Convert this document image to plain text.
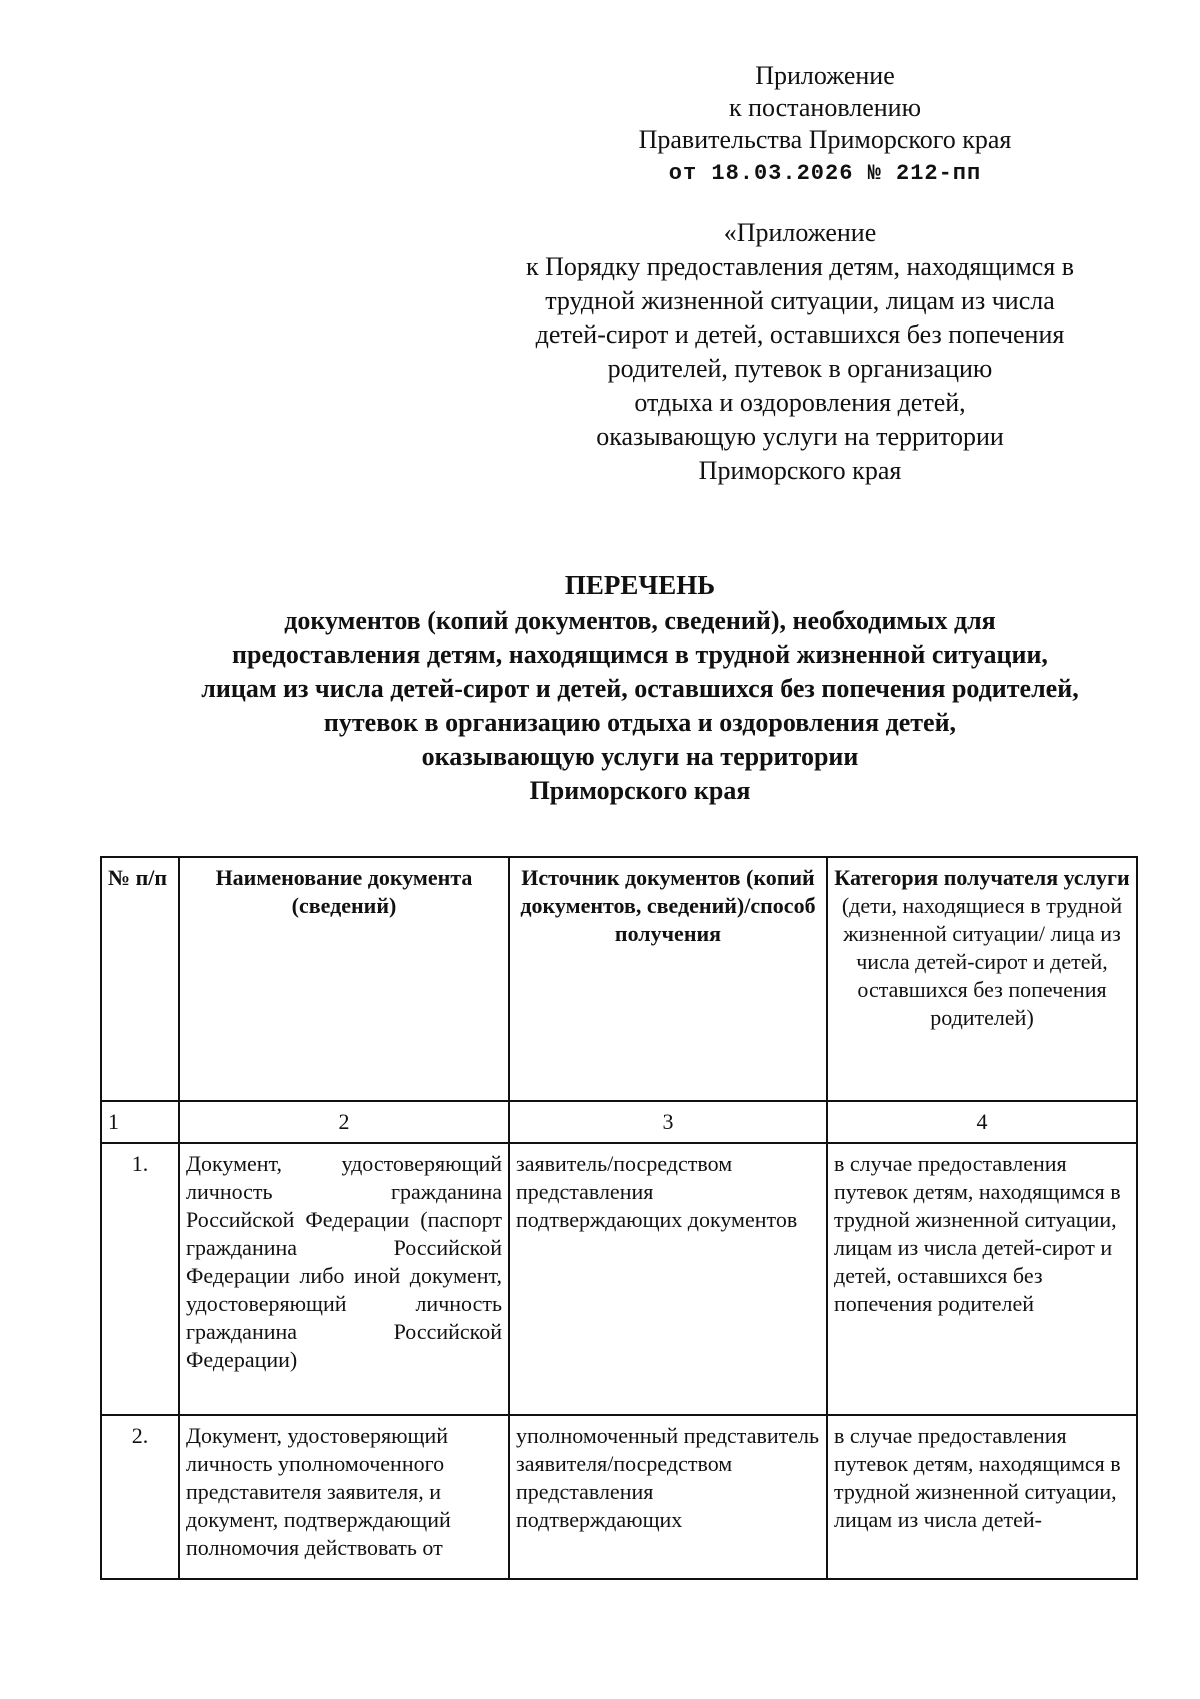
Приложение
к постановлению
Правительства Приморского края
от 18.03.2026 № 212-пп
«Приложение
к Порядку предоставления детям, находящимся в
трудной жизненной ситуации, лицам из числа
детей-сирот и детей, оставшихся без попечения
родителей, путевок в организацию
отдыха и оздоровления детей,
оказывающую услуги на территории
Приморского края
ПЕРЕЧЕНЬ
документов (копий документов, сведений), необходимых для
предоставления детям, находящимся в трудной жизненной ситуации,
лицам из числа детей-сирот и детей, оставшихся без попечения родителей,
путевок в организацию отдыха и оздоровления детей,
оказывающую услуги на территории
Приморского края
№ п/п	Наименование документа (сведений)	Источник документов (копий документов, сведений)/способ получения	Категория получателя услуги
(дети, находящиеся в трудной жизненной ситуации/ лица из числа детей-сирот и детей, оставшихся без попечения родителей)

1	2	3	4
1.	Документ, удостоверяющий личность гражданина Российской Федерации (паспорт гражданина Российской Федерации либо иной документ, удостоверяющий личность гражданина Российской Федерации)	заявитель/посредством представления подтверждающих документов	в случае предоставления путевок детям, находящимся в трудной жизненной ситуации, лицам из числа детей-сирот и детей, оставшихся без попечения родителей
2.	Документ, удостоверяющий личность уполномоченного представителя заявителя, и документ, подтверждающий полномочия действовать от	уполномоченный представитель заявителя/посредством представления подтверждающих	в случае предоставления путевок детям, находящимся в трудной жизненной ситуации, лицам из числа детей-
